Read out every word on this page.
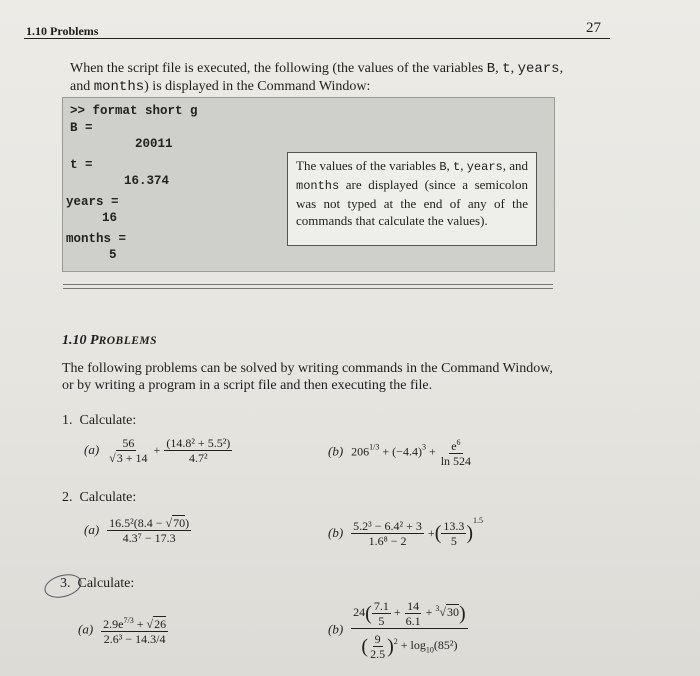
1.10 Problems	27
When the script file is executed, the following (the values of the variables B, t, years, and months) is displayed in the Command Window:
>> format short g
B =
20011
t =
16.374
years =
16
months =
5
The values of the variables B, t, years, and months are displayed (since a semicolon was not typed at the end of any of the commands that calculate the values).
1.10 PROBLEMS
The following problems can be solved by writing commands in the Command Window, or by writing a program in a script file and then executing the file.
1. Calculate:
$(a) \frac{56}{√3 + 14} + \frac{\text{(14.8² + 5.5²)}}{\text{4.7²}}$	(b) $206^{1/3} + (-4.4)^3 + \frac{e^6}{\ln 524}$
2. Calculate:
$(a) \frac{\text{16.5²(8.4 − √70)}}{\text{4.3⁷ − 17.3}}$	$(b) \frac{\text{5.2³ − 6.4² + 3}}{\text{1.6⁸ − 2}}$ +( $\frac{13.3}{5} )^{1.5}$
3. Calculate:
$(a) \frac{2.9e^{7/3} + √26}{\text{2.6³ − 14.3/4}}$	$(b) \frac{24( \frac{7.1}{5} + \frac{14}{6.1} + ^3√30)}{( \frac{9}{2.5} )^2 + \log_{10}(85^2)}$
